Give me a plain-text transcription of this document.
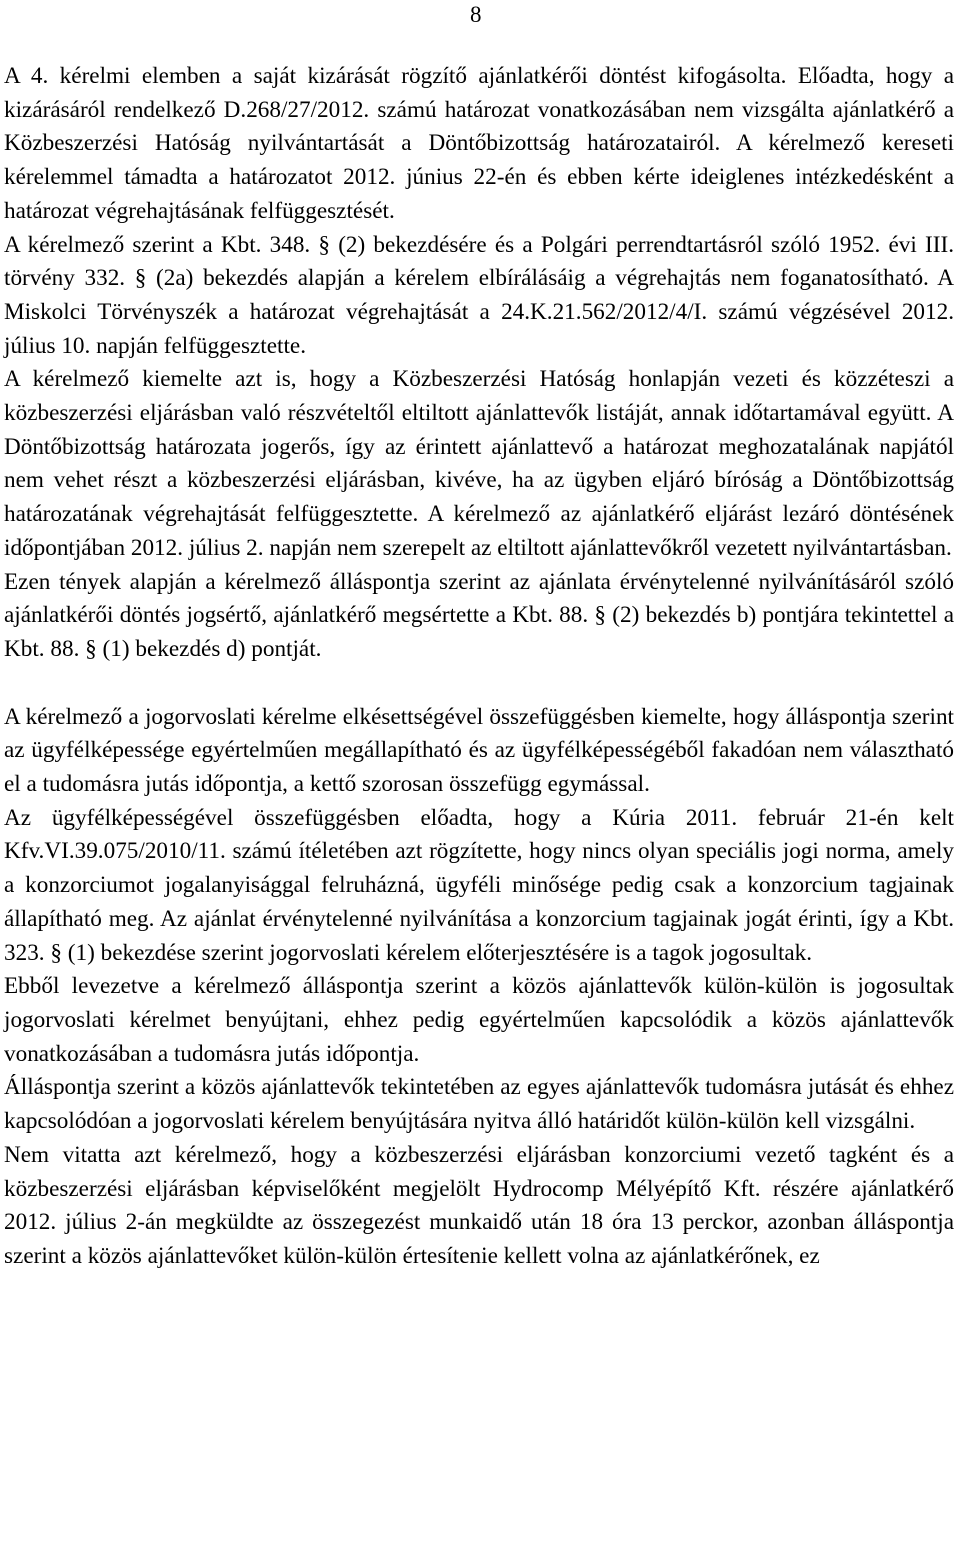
8

A 4. kérelmi elemben a saját kizárását rögzítő ajánlatkérői döntést kifogásolta. Előadta, hogy a kizárásáról rendelkező D.268/27/2012. számú határozat vonatkozásában nem vizsgálta ajánlatkérő a Közbeszerzési Hatóság nyilvántartását a Döntőbizottság határozatairól. A kérelmező kereseti kérelemmel támadta a határozatot 2012. június 22-én és ebben kérte ideiglenes intézkedésként a határozat végrehajtásának felfüggesztését.

A kérelmező szerint a Kbt. 348. § (2) bekezdésére és a Polgári perrendtartásról szóló 1952. évi III. törvény 332. § (2a) bekezdés alapján a kérelem elbírálásáig a végrehajtás nem foganatosítható. A Miskolci Törvényszék a határozat végrehajtását a 24.K.21.562/2012/4/I. számú végzésével 2012. július 10. napján felfüggesztette.

A kérelmező kiemelte azt is, hogy a Közbeszerzési Hatóság honlapján vezeti és közzéteszi a közbeszerzési eljárásban való részvételtől eltiltott ajánlattevők listáját, annak időtartamával együtt. A Döntőbizottság határozata jogerős, így az érintett ajánlattevő a határozat meghozatalának napjától nem vehet részt a közbeszerzési eljárásban, kivéve, ha az ügyben eljáró bíróság a Döntőbizottság határozatának végrehajtását felfüggesztette. A kérelmező az ajánlatkérő eljárást lezáró döntésének időpontjában 2012. július 2. napján nem szerepelt az eltiltott ajánlattevőkről vezetett nyilvántartásban.

Ezen tények alapján a kérelmező álláspontja szerint az ajánlata érvénytelenné nyilvánításáról szóló ajánlatkérői döntés jogsértő, ajánlatkérő megsértette a Kbt. 88. § (2) bekezdés b) pontjára tekintettel a Kbt. 88. § (1) bekezdés d) pontját.

A kérelmező a jogorvoslati kérelme elkésettségével összefüggésben kiemelte, hogy álláspontja szerint az ügyfélképessége egyértelműen megállapítható és az ügyfélképességéből fakadóan nem választható el a tudomásra jutás időpontja, a kettő szorosan összefügg egymással.

Az ügyfélképességével összefüggésben előadta, hogy a Kúria 2011. február 21-én kelt Kfv.VI.39.075/2010/11. számú ítéletében azt rögzítette, hogy nincs olyan speciális jogi norma, amely a konzorciumot jogalanyisággal felruházná, ügyféli minősége pedig csak a konzorcium tagjainak állapítható meg. Az ajánlat érvénytelenné nyilvánítása a konzorcium tagjainak jogát érinti, így a Kbt. 323. § (1) bekezdése szerint jogorvoslati kérelem előterjesztésére is a tagok jogosultak.

Ebből levezetve a kérelmező álláspontja szerint a közös ajánlattevők külön-külön is jogosultak jogorvoslati kérelmet benyújtani, ehhez pedig egyértelműen kapcsolódik a közös ajánlattevők vonatkozásában a tudomásra jutás időpontja.

Álláspontja szerint a közös ajánlattevők tekintetében az egyes ajánlattevők tudomásra jutását és ehhez kapcsolódóan a jogorvoslati kérelem benyújtására nyitva álló határidőt külön-külön kell vizsgálni.

Nem vitatta azt kérelmező, hogy a közbeszerzési eljárásban konzorciumi vezető tagként és a közbeszerzési eljárásban képviselőként megjelölt Hydrocomp Mélyépítő Kft. részére ajánlatkérő 2012. július 2-án megküldte az összegezést munkaidő után 18 óra 13 perckor, azonban álláspontja szerint a közös ajánlattevőket külön-külön értesítenie kellett volna az ajánlatkérőnek, ez
